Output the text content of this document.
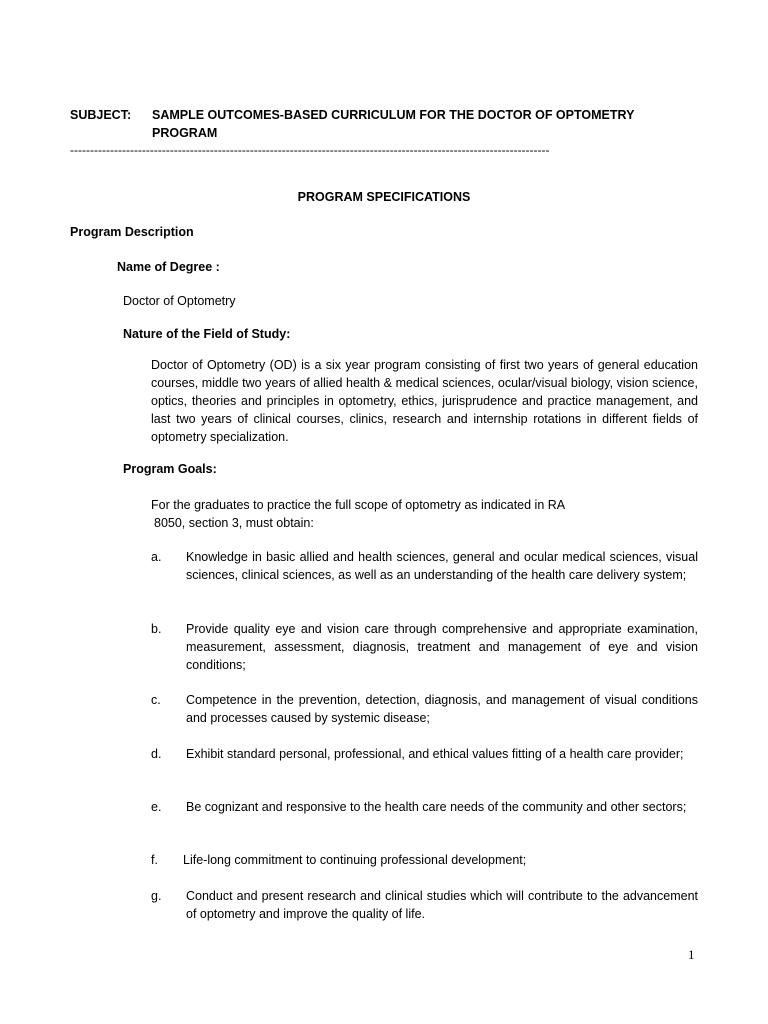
SUBJECT: SAMPLE OUTCOMES-BASED CURRICULUM FOR THE DOCTOR OF OPTOMETRY PROGRAM
------------------------------------------------------------------------------------------------------------------------
PROGRAM SPECIFICATIONS
Program Description
Name of Degree :
Doctor of Optometry
Nature of the Field of Study:
Doctor of Optometry (OD) is a six year program consisting of first two years of general education courses, middle two years of allied health & medical sciences, ocular/visual biology, vision science, optics, theories and principles in optometry, ethics, jurisprudence and practice management, and last two years of clinical courses, clinics, research and internship rotations in different fields of optometry specialization.
Program Goals:
For the graduates to practice the full scope of optometry as indicated in RA
8050, section 3, must obtain:
a. Knowledge in basic allied and health sciences, general and ocular medical sciences, visual sciences, clinical sciences, as well as an understanding of the health care delivery system;
b. Provide quality eye and vision care through comprehensive and appropriate examination, measurement, assessment, diagnosis, treatment and management of eye and vision conditions;
c. Competence in the prevention, detection, diagnosis, and management of visual conditions and processes caused by systemic disease;
d. Exhibit standard personal, professional, and ethical values fitting of a health care provider;
e. Be cognizant and responsive to the health care needs of the community and other sectors;
f. Life-long commitment to continuing professional development;
g. Conduct and present research and clinical studies which will contribute to the advancement of optometry and improve the quality of life.
1
